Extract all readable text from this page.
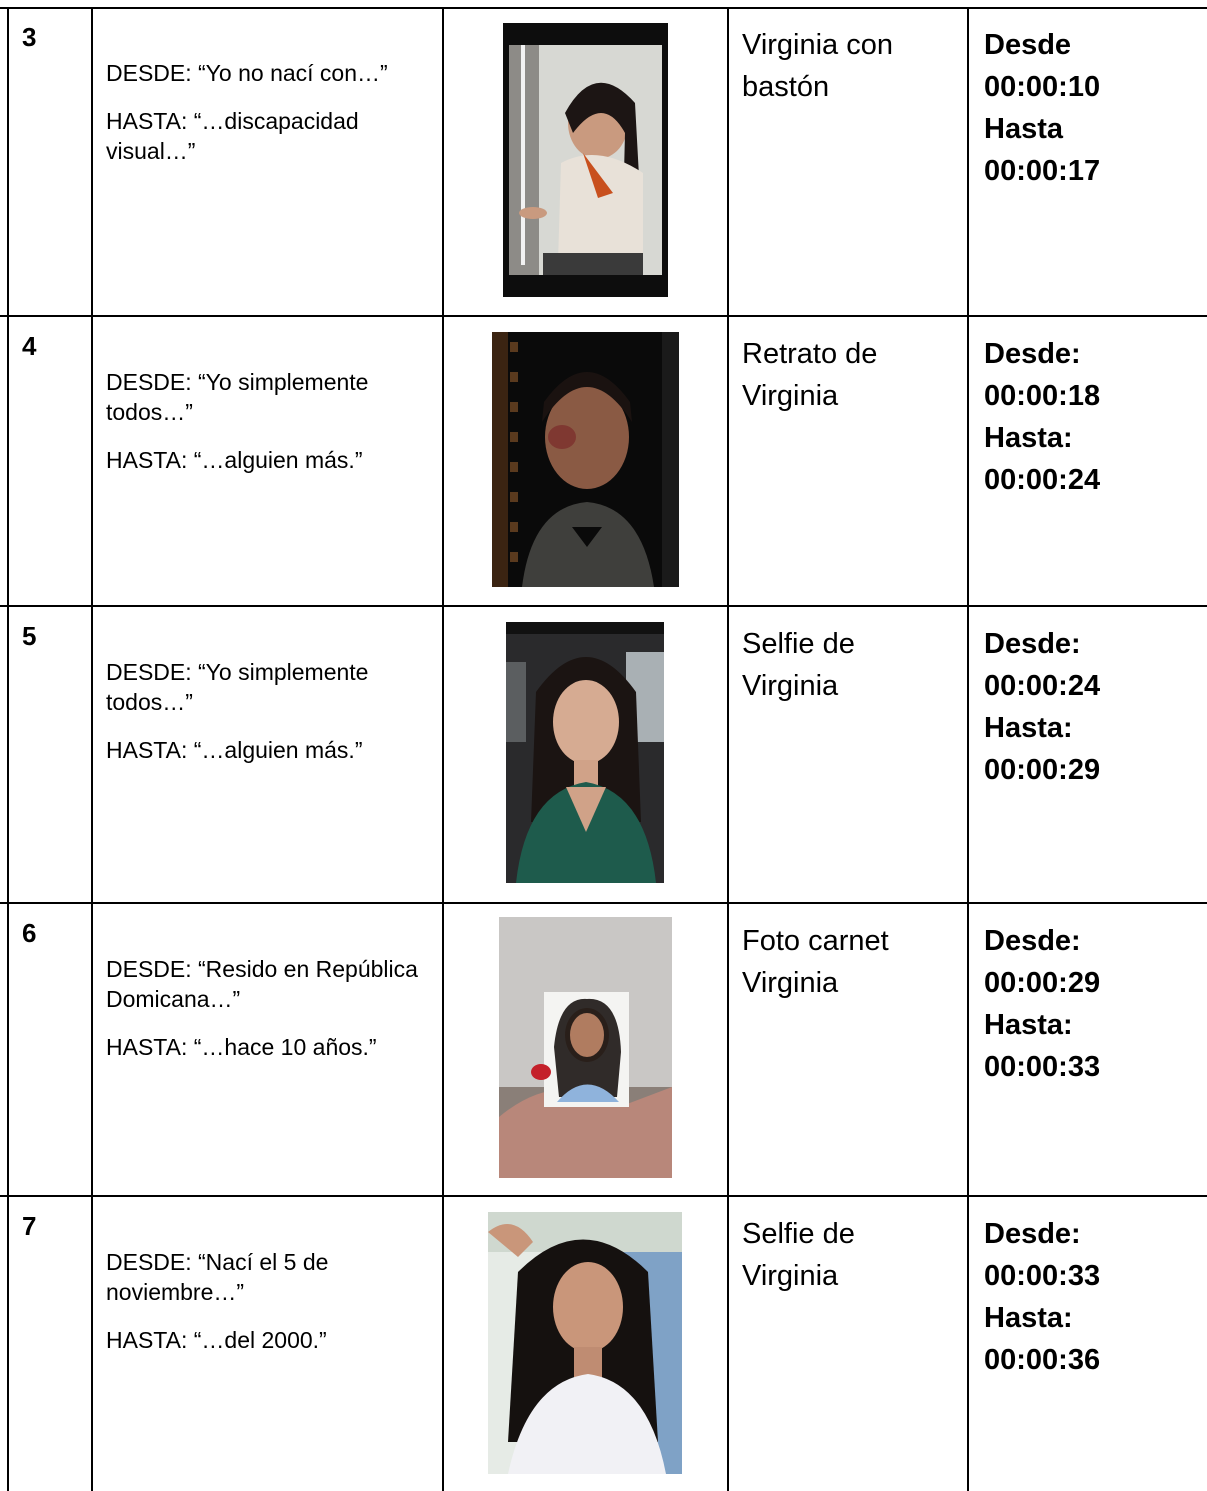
3

DESDE: “Yo no nací con…”

HASTA: “…discapacidad visual…”

Virginia con bastón
Desde
00:00:10
Hasta
00:00:17
4

DESDE: “Yo simplemente todos…”

HASTA: “…alguien más.”

Retrato de Virginia
Desde:
00:00:18
Hasta:
00:00:24
5

DESDE: “Yo simplemente todos…”

HASTA: “…alguien más.”

Selfie de Virginia
Desde:
00:00:24
Hasta:
00:00:29
6

DESDE: “Resido en República Domicana…”

HASTA: “…hace 10 años.”

Foto carnet Virginia
Desde:
00:00:29
Hasta:
00:00:33
7

DESDE: “Nací el 5 de noviembre…”

HASTA: “…del 2000.”

Selfie de Virginia
Desde:
00:00:33
Hasta:
00:00:36
